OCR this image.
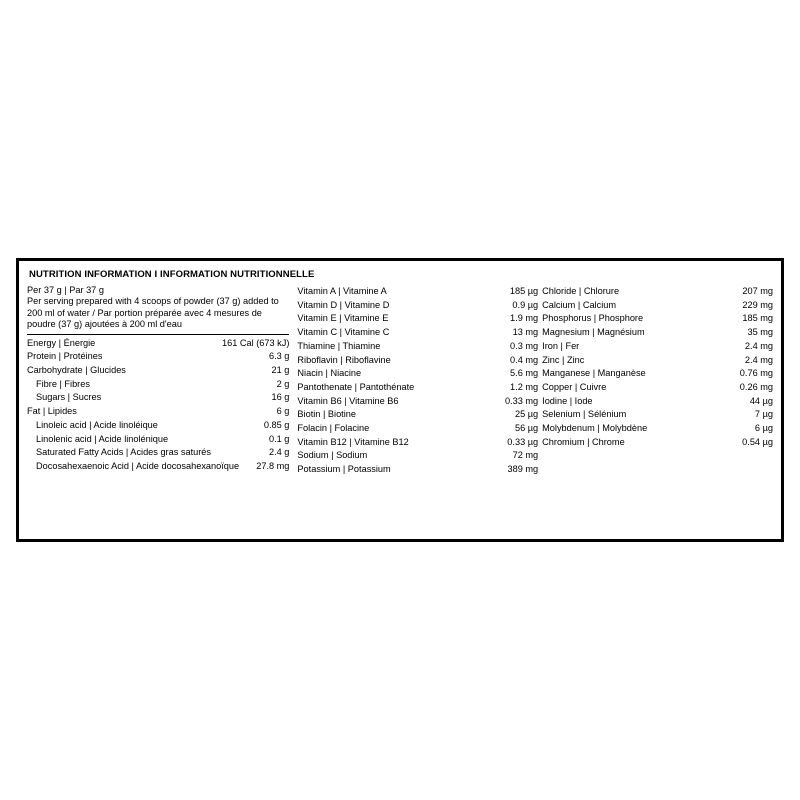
NUTRITION INFORMATION I INFORMATION NUTRITIONNELLE
Per 37 g | Par 37 g
Per serving prepared with 4 scoops of powder (37 g) added to
200 ml of water / Par portion préparée avec 4 mesures de
poudre (37 g) ajoutées à 200 ml d'eau
Energy | Énergie	161 Cal (673 kJ)
Protein | Protéines	6.3 g
Carbohydrate | Glucides	21 g
Fibre | Fibres	2 g
Sugars | Sucres	16 g
Fat | Lipides	6 g
Linoleic acid | Acide linoléique	0.85 g
Linolenic acid | Acide linolénique	0.1 g
Saturated Fatty Acids | Acides gras saturés	2.4 g
Docosahexaenoic Acid | Acide docosahexanoïque	27.8 mg
Vitamin A | Vitamine A	185 µg
Vitamin D | Vitamine D	0.9 µg
Vitamin E | Vitamine E	1.9 mg
Vitamin C | Vitamine C	13 mg
Thiamine | Thiamine	0.3 mg
Riboflavin | Riboflavine	0.4 mg
Niacin | Niacine	5.6 mg
Pantothenate | Pantothénate	1.2 mg
Vitamin B6 | Vitamine B6	0.33 mg
Biotin | Biotine	25 µg
Folacin | Folacine	56 µg
Vitamin B12 | Vitamine B12	0.33 µg
Sodium | Sodium	72 mg
Potassium | Potassium	389 mg
Chloride | Chlorure	207 mg
Calcium | Calcium	229 mg
Phosphorus | Phosphore	185 mg
Magnesium | Magnésium	35 mg
Iron | Fer	2.4 mg
Zinc | Zinc	2.4 mg
Manganese | Manganèse	0.76 mg
Copper | Cuivre	0.26 mg
Iodine | Iode	44 µg
Selenium | Sélénium	7 µg
Molybdenum | Molybdène	6 µg
Chromium | Chrome	0.54 µg
